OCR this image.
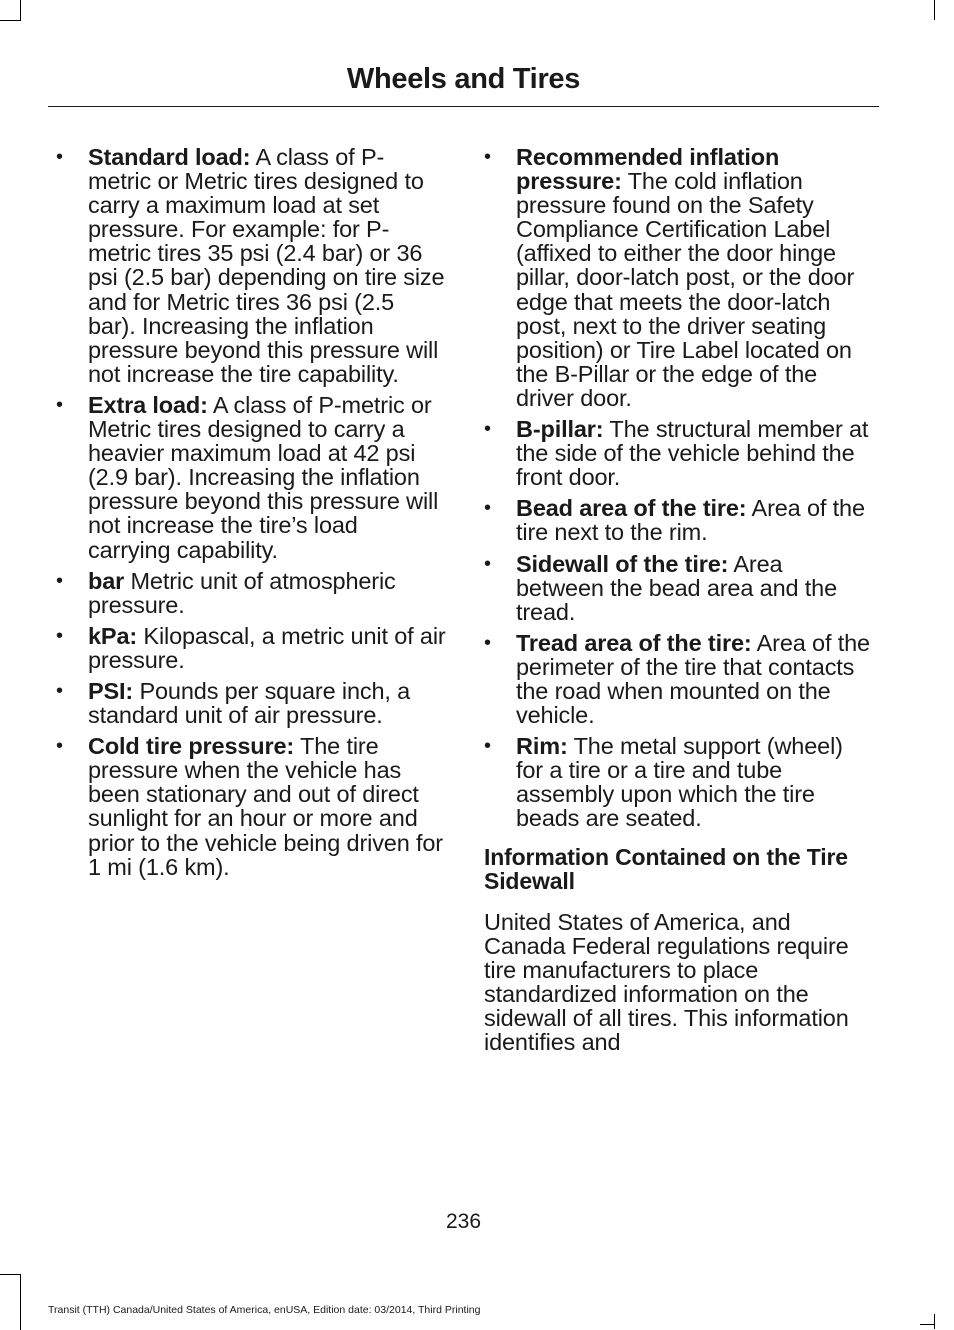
Wheels and Tires
• Standard load: A class of P-metric or Metric tires designed to carry a maximum load at set pressure. For example: for P-metric tires 35 psi (2.4 bar) or 36 psi (2.5 bar) depending on tire size and for Metric tires 36 psi (2.5 bar). Increasing the inflation pressure beyond this pressure will not increase the tire capability.
• Extra load: A class of P-metric or Metric tires designed to carry a heavier maximum load at 42 psi (2.9 bar). Increasing the inflation pressure beyond this pressure will not increase the tire’s load carrying capability.
• bar Metric unit of atmospheric pressure.
• kPa: Kilopascal, a metric unit of air pressure.
• PSI: Pounds per square inch, a standard unit of air pressure.
• Cold tire pressure: The tire pressure when the vehicle has been stationary and out of direct sunlight for an hour or more and prior to the vehicle being driven for 1 mi (1.6 km).
• Recommended inflation pressure: The cold inflation pressure found on the Safety Compliance Certification Label (affixed to either the door hinge pillar, door-latch post, or the door edge that meets the door-latch post, next to the driver seating position) or Tire Label located on the B-Pillar or the edge of the driver door.
• B-pillar: The structural member at the side of the vehicle behind the front door.
• Bead area of the tire: Area of the tire next to the rim.
• Sidewall of the tire: Area between the bead area and the tread.
• Tread area of the tire: Area of the perimeter of the tire that contacts the road when mounted on the vehicle.
• Rim: The metal support (wheel) for a tire or a tire and tube assembly upon which the tire beads are seated.
Information Contained on the Tire Sidewall

United States of America, and Canada Federal regulations require tire manufacturers to place standardized information on the sidewall of all tires. This information identifies and

236
Transit (TTH) Canada/United States of America, enUSA, Edition date: 03/2014, Third Printing
